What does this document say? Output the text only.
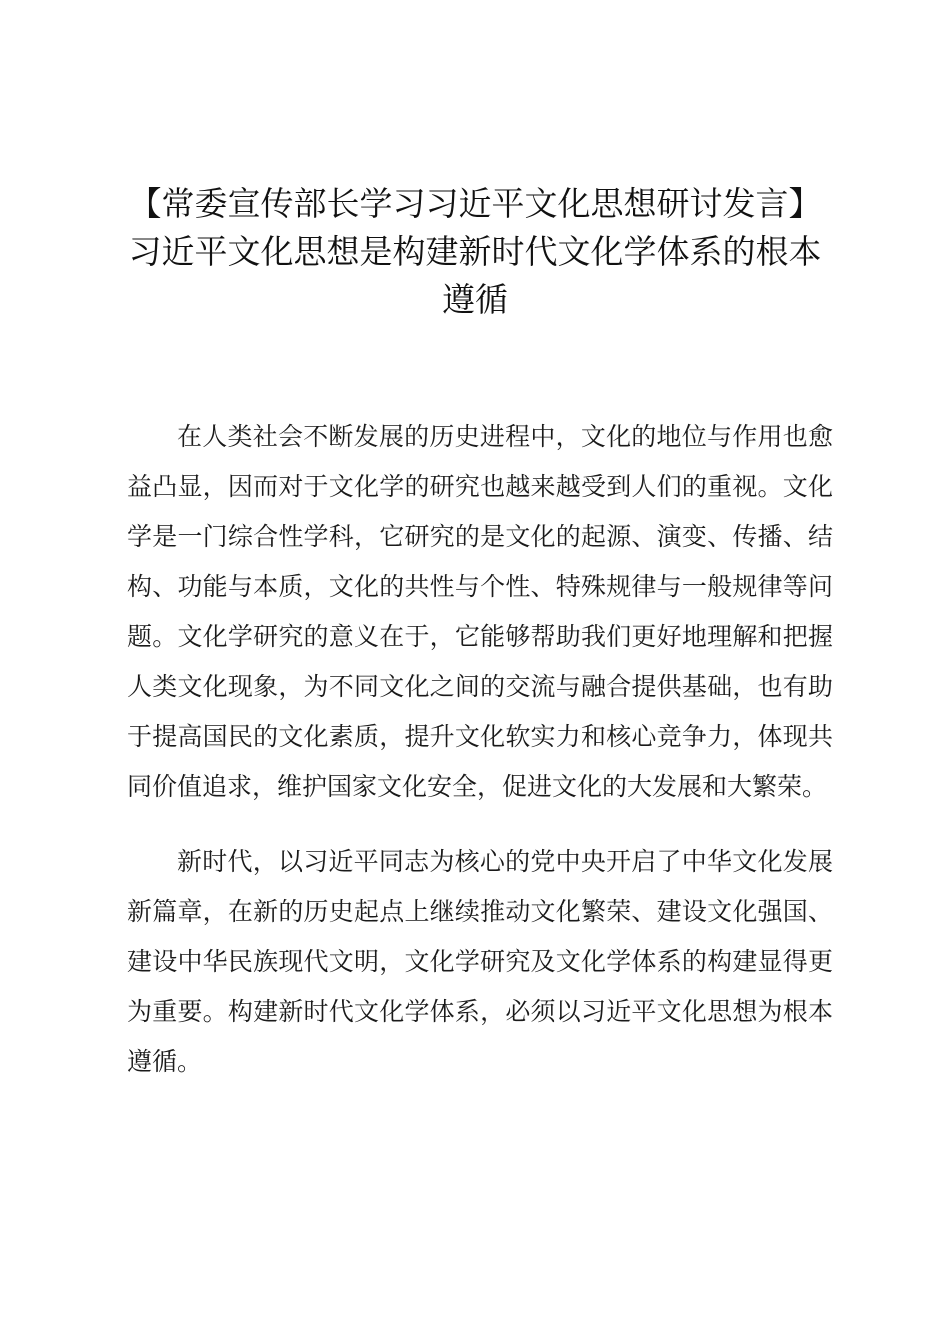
【常委宣传部长学习习近平文化思想研讨发言】习近平文化思想是构建新时代文化学体系的根本遵循

在人类社会不断发展的历史进程中，文化的地位与作用也愈益凸显，因而对于文化学的研究也越来越受到人们的重视。文化学是一门综合性学科，它研究的是文化的起源、演变、传播、结构、功能与本质，文化的共性与个性、特殊规律与一般规律等问题。文化学研究的意义在于，它能够帮助我们更好地理解和把握人类文化现象，为不同文化之间的交流与融合提供基础，也有助于提高国民的文化素质，提升文化软实力和核心竞争力，体现共同价值追求，维护国家文化安全，促进文化的大发展和大繁荣。

新时代，以习近平同志为核心的党中央开启了中华文化发展新篇章，在新的历史起点上继续推动文化繁荣、建设文化强国、建设中华民族现代文明，文化学研究及文化学体系的构建显得更为重要。构建新时代文化学体系，必须以习近平文化思想为根本遵循。
